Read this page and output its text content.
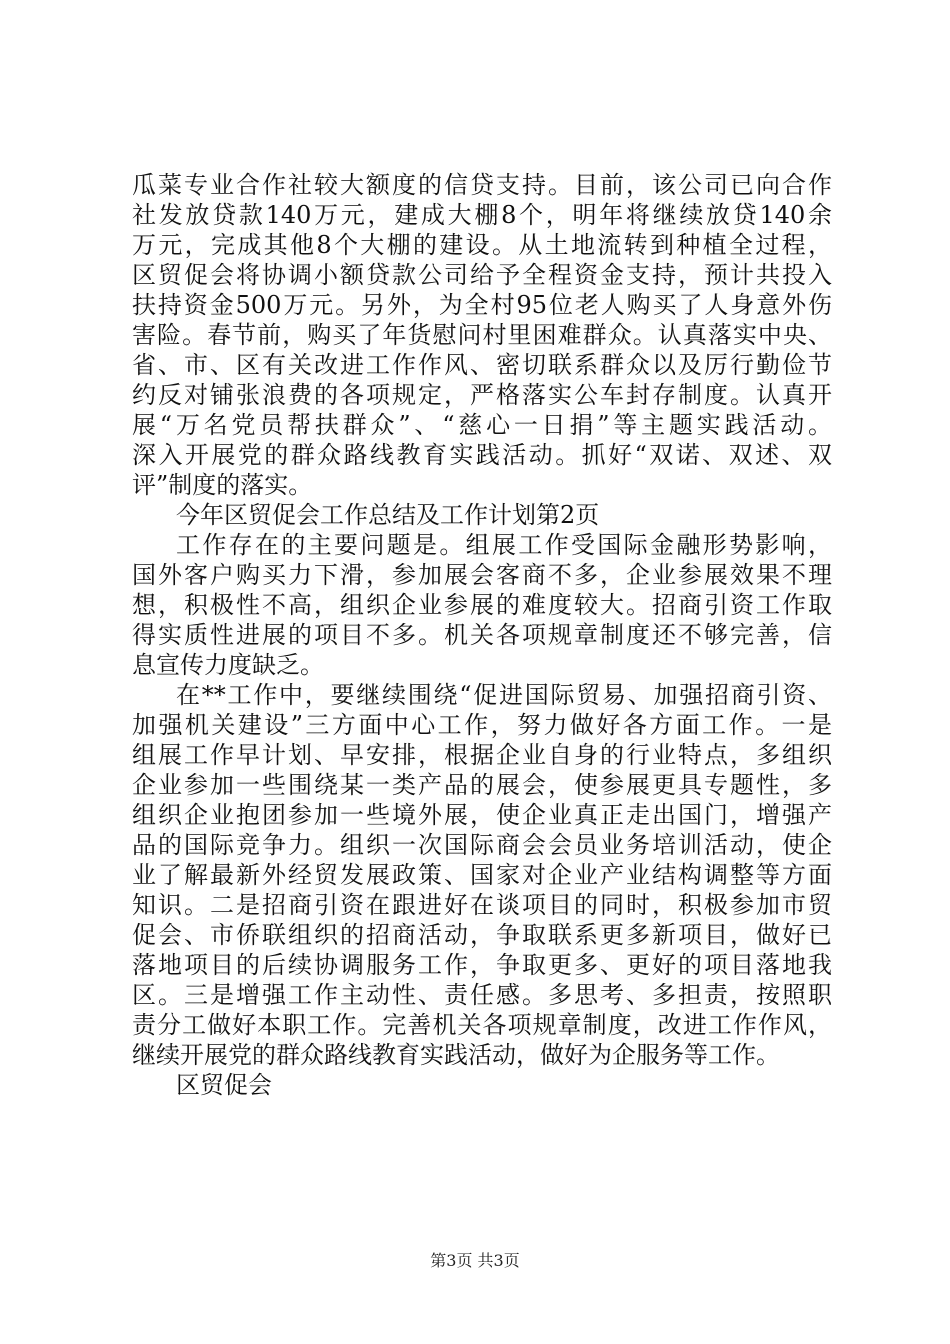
瓜菜专业合作社较大额度的信贷支持。目前，该公司已向合作
社发放贷款140万元，建成大棚8个，明年将继续放贷140余
万元，完成其他8个大棚的建设。从土地流转到种植全过程，
区贸促会将协调小额贷款公司给予全程资金支持，预计共投入
扶持资金500万元。另外，为全村95位老人购买了人身意外伤
害险。春节前，购买了年货慰问村里困难群众。认真落实中央、
省、市、区有关改进工作作风、密切联系群众以及厉行勤俭节
约反对铺张浪费的各项规定，严格落实公车封存制度。认真开
展“万名党员帮扶群众”、“慈心一日捐”等主题实践活动。
深入开展党的群众路线教育实践活动。抓好“双诺、双述、双
评”制度的落实。
今年区贸促会工作总结及工作计划第2页
工作存在的主要问题是。组展工作受国际金融形势影响，
国外客户购买力下滑，参加展会客商不多，企业参展效果不理
想，积极性不高，组织企业参展的难度较大。招商引资工作取
得实质性进展的项目不多。机关各项规章制度还不够完善，信
息宣传力度缺乏。
在**工作中，要继续围绕“促进国际贸易、加强招商引资、
加强机关建设”三方面中心工作，努力做好各方面工作。一是
组展工作早计划、早安排，根据企业自身的行业特点，多组织
企业参加一些围绕某一类产品的展会，使参展更具专题性，多
组织企业抱团参加一些境外展，使企业真正走出国门，增强产
品的国际竞争力。组织一次国际商会会员业务培训活动，使企
业了解最新外经贸发展政策、国家对企业产业结构调整等方面
知识。二是招商引资在跟进好在谈项目的同时，积极参加市贸
促会、市侨联组织的招商活动，争取联系更多新项目，做好已
落地项目的后续协调服务工作，争取更多、更好的项目落地我
区。三是增强工作主动性、责任感。多思考、多担责，按照职
责分工做好本职工作。完善机关各项规章制度，改进工作作风，
继续开展党的群众路线教育实践活动，做好为企服务等工作。
区贸促会
第3页 共3页
